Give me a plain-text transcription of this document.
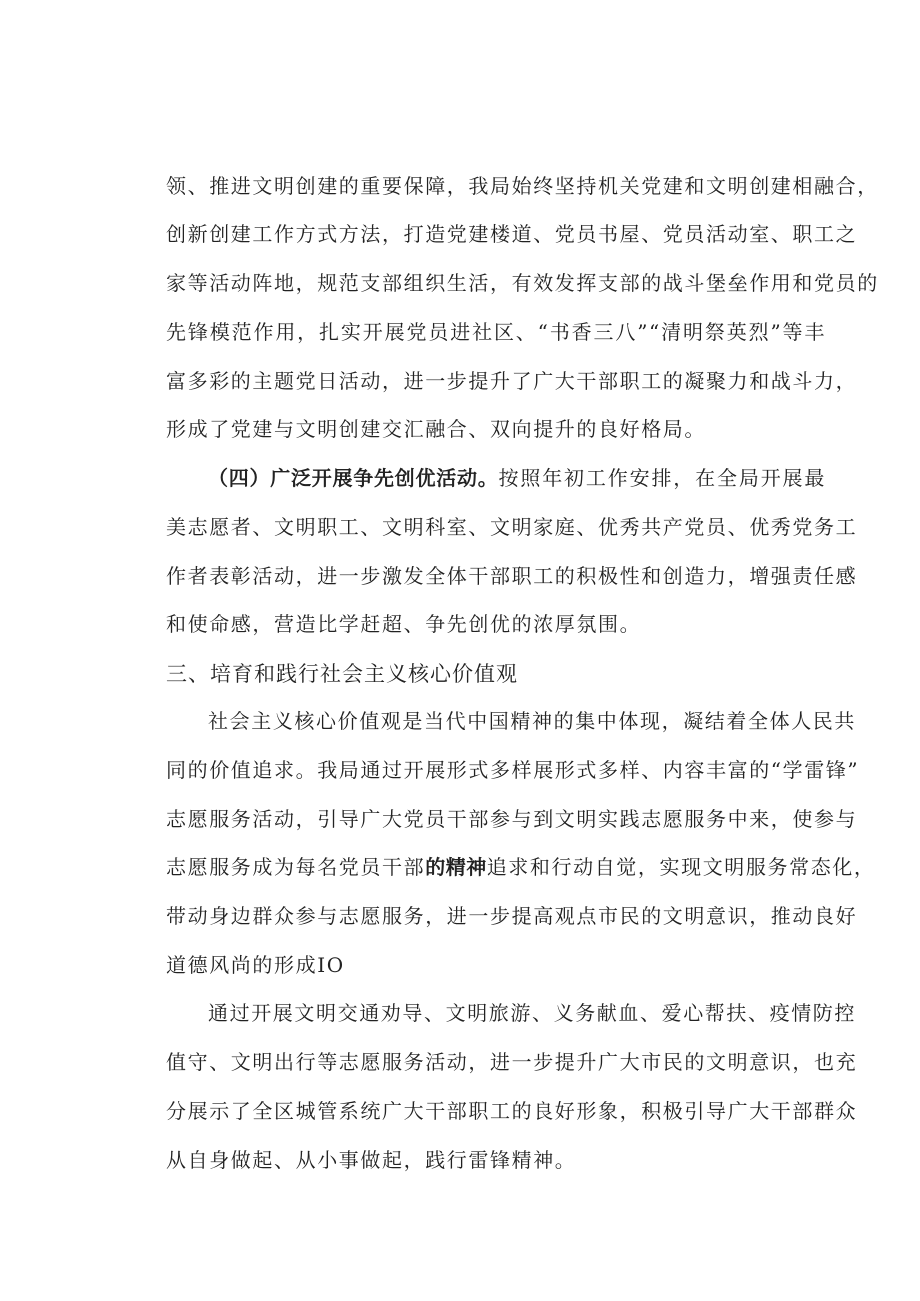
领、推进文明创建的重要保障，我局始终坚持机关党建和文明创建相融合，
创新创建工作方式方法，打造党建楼道、党员书屋、党员活动室、职工之
家等活动阵地，规范支部组织生活，有效发挥支部的战斗堡垒作用和党员的
先锋模范作用，扎实开展党员进社区、“书香三八”“清明祭英烈”等丰
富多彩的主题党日活动，进一步提升了广大干部职工的凝聚力和战斗力，
形成了党建与文明创建交汇融合、双向提升的良好格局。
（四）广泛开展争先创优活动。按照年初工作安排，在全局开展最
美志愿者、文明职工、文明科室、文明家庭、优秀共产党员、优秀党务工
作者表彰活动，进一步激发全体干部职工的积极性和创造力，增强责任感
和使命感，营造比学赶超、争先创优的浓厚氛围。
三、培育和践行社会主义核心价值观
社会主义核心价值观是当代中国精神的集中体现，凝结着全体人民共
同的价值追求。我局通过开展形式多样展形式多样、内容丰富的“学雷锋”
志愿服务活动，引导广大党员干部参与到文明实践志愿服务中来，使参与
志愿服务成为每名党员干部的精神追求和行动自觉，实现文明服务常态化，
带动身边群众参与志愿服务，进一步提高观点市民的文明意识，推动良好
道德风尚的形成IO
通过开展文明交通劝导、文明旅游、义务献血、爱心帮扶、疫情防控
值守、文明出行等志愿服务活动，进一步提升广大市民的文明意识，也充
分展示了全区城管系统广大干部职工的良好形象，积极引导广大干部群众
从自身做起、从小事做起，践行雷锋精神。
